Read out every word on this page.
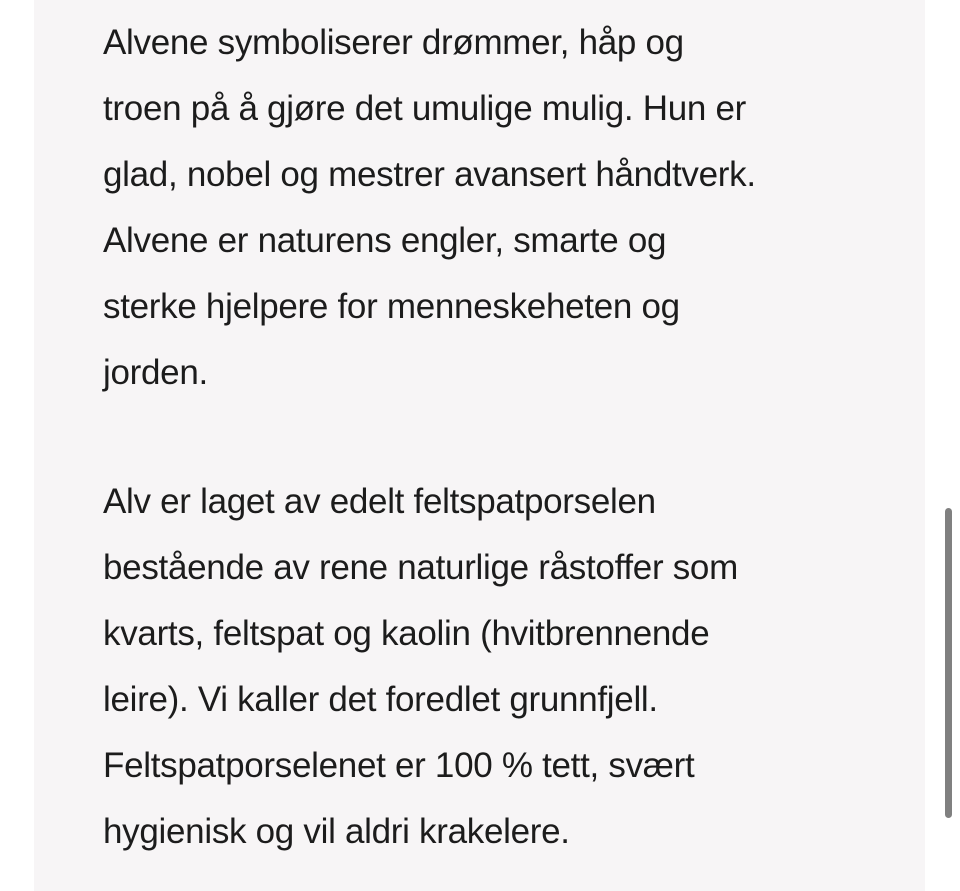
Alvene symboliserer drømmer, håp og
troen på å gjøre det umulige mulig. Hun er
glad, nobel og mestrer avansert håndtverk.
Alvene er naturens engler, smarte og
sterke hjelpere for menneskeheten og
jorden.
Alv er laget av edelt feltspatporselen
bestående av rene naturlige råstoffer som
kvarts, feltspat og kaolin (hvitbrennende
leire). Vi kaller det foredlet grunnfjell.
Feltspatporselenet er 100 % tett, svært
hygienisk og vil aldri krakelere.
